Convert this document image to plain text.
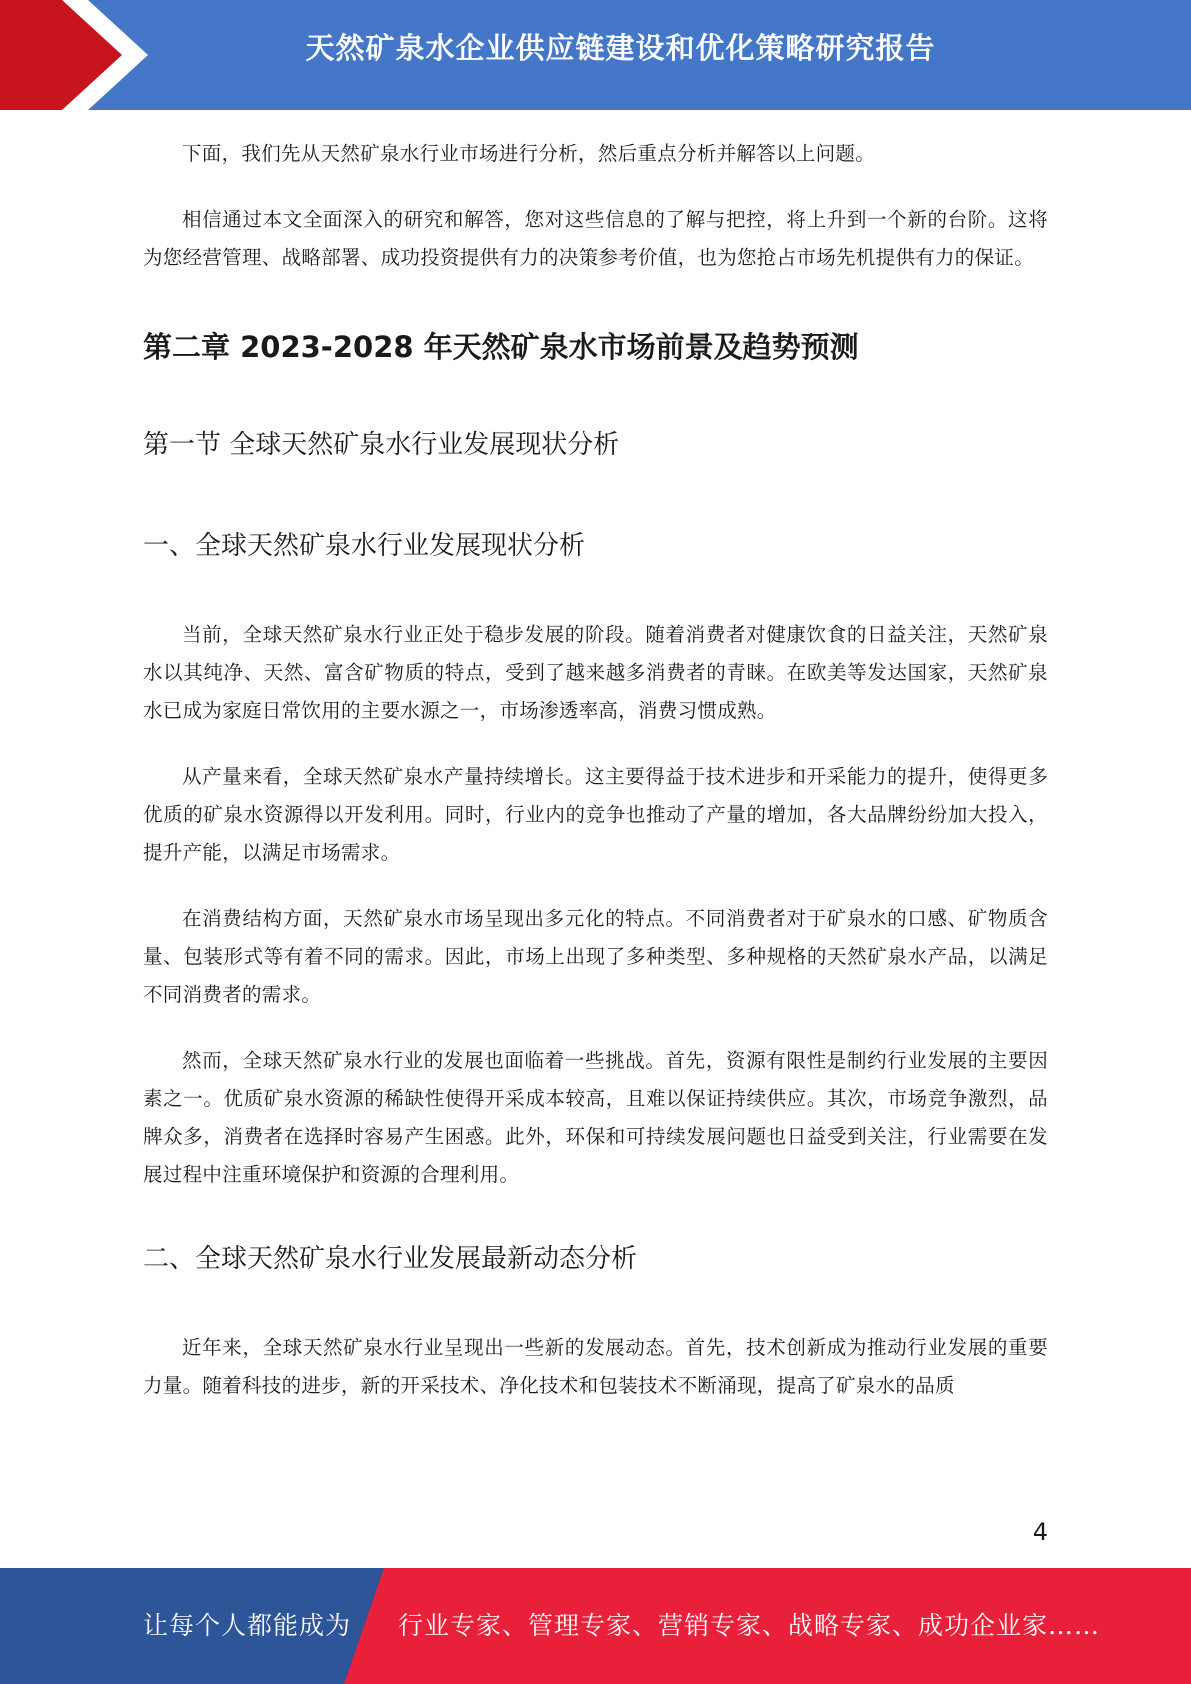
天然矿泉水企业供应链建设和优化策略研究报告

下面，我们先从天然矿泉水行业市场进行分析，然后重点分析并解答以上问题。

相信通过本文全面深入的研究和解答，您对这些信息的了解与把控，将上升到一个新的台阶。这将为您经营管理、战略部署、成功投资提供有力的决策参考价值，也为您抢占市场先机提供有力的保证。

第二章 2023-2028 年天然矿泉水市场前景及趋势预测
第一节 全球天然矿泉水行业发展现状分析
一、全球天然矿泉水行业发展现状分析

当前，全球天然矿泉水行业正处于稳步发展的阶段。随着消费者对健康饮食的日益关注，天然矿泉水以其纯净、天然、富含矿物质的特点，受到了越来越多消费者的青睐。在欧美等发达国家，天然矿泉水已成为家庭日常饮用的主要水源之一，市场渗透率高，消费习惯成熟。

从产量来看，全球天然矿泉水产量持续增长。这主要得益于技术进步和开采能力的提升，使得更多优质的矿泉水资源得以开发利用。同时，行业内的竞争也推动了产量的增加，各大品牌纷纷加大投入，提升产能，以满足市场需求。

在消费结构方面，天然矿泉水市场呈现出多元化的特点。不同消费者对于矿泉水的口感、矿物质含量、包装形式等有着不同的需求。因此，市场上出现了多种类型、多种规格的天然矿泉水产品，以满足不同消费者的需求。

然而，全球天然矿泉水行业的发展也面临着一些挑战。首先，资源有限性是制约行业发展的主要因素之一。优质矿泉水资源的稀缺性使得开采成本较高，且难以保证持续供应。其次，市场竞争激烈，品牌众多，消费者在选择时容易产生困惑。此外，环保和可持续发展问题也日益受到关注，行业需要在发展过程中注重环境保护和资源的合理利用。

二、全球天然矿泉水行业发展最新动态分析

近年来，全球天然矿泉水行业呈现出一些新的发展动态。首先，技术创新成为推动行业发展的重要力量。随着科技的进步，新的开采技术、净化技术和包装技术不断涌现，提高了矿泉水的品质

4
让每个人都能成为 行业专家、管理专家、营销专家、战略专家、成功企业家……
